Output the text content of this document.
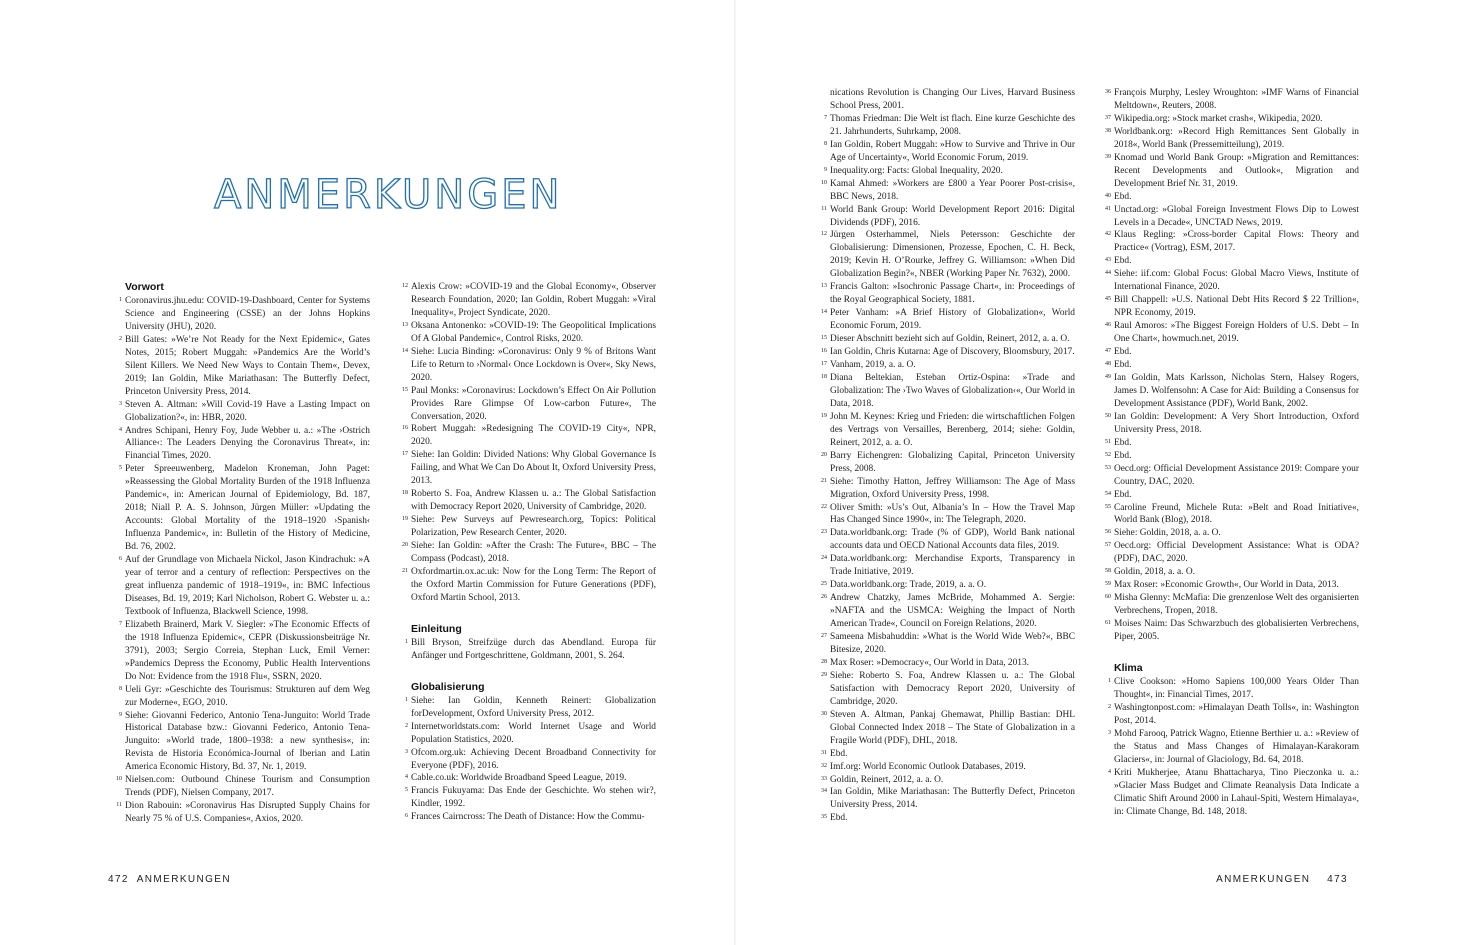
ANMERKUNGEN
Vorwort

1 Coronavirus.jhu.edu: COVID-19-Dashboard, Center for Systems Science and Engineering (CSSE) an der Johns Hopkins University (JHU), 2020.

2 Bill Gates: »We’re Not Ready for the Next Epidemic«, Gates Notes, 2015; Robert Muggah: »Pandemics Are the World’s Silent Killers. We Need New Ways to Contain Them«, Devex, 2019; Ian Goldin, Mike Mariathasan: The Butterfly Defect, Princeton University Press, 2014.

3 Steven A. Altman: »Will Covid-19 Have a Lasting Impact on Globalization?«, in: HBR, 2020.

4 Andres Schipani, Henry Foy, Jude Webber u. a.: »The ›Ostrich Alliance‹: The Leaders Denying the Coronavirus Threat«, in: Financial Times, 2020.

5 Peter Spreeuwenberg, Madelon Kroneman, John Paget: »Reassessing the Global Mortality Burden of the 1918 Influenza Pandemic«, in: American Journal of Epidemiology, Bd. 187, 2018; Niall P. A. S. Johnson, Jürgen Müller: »Updating the Accounts: Global Mortality of the 1918–1920 ›Spanish‹ Influenza Pandemic«, in: Bulletin of the History of Medicine, Bd. 76, 2002.

6 Auf der Grundlage von Michaela Nickol, Jason Kindrachuk: »A year of terror and a century of reflection: Perspectives on the great influenza pandemic of 1918–1919«, in: BMC Infectious Diseases, Bd. 19, 2019; Karl Nicholson, Robert G. Webster u. a.: Textbook of Influenza, Blackwell Science, 1998.

7 Elizabeth Brainerd, Mark V. Siegler: »The Economic Effects of the 1918 Influenza Epidemic«, CEPR (Diskussionsbeiträge Nr. 3791), 2003; Sergio Correia, Stephan Luck, Emil Verner: »Pandemics Depress the Economy, Public Health Interventions Do Not: Evidence from the 1918 Flu«, SSRN, 2020.

8 Ueli Gyr: »Geschichte des Tourismus: Strukturen auf dem Weg zur Moderne«, EGO, 2010.

9 Siehe: Giovanni Federico, Antonio Tena-Junguito: World Trade Historical Database bzw.: Giovanni Federico, Antonio Tena-Junguito: »World trade, 1800–1938: a new synthesis«, in: Revista de Historia Económica-Journal of Iberian and Latin America Economic History, Bd. 37, Nr. 1, 2019.

10 Nielsen.com: Outbound Chinese Tourism and Consumption Trends (PDF), Nielsen Company, 2017.

11 Dion Rabouin: »Coronavirus Has Disrupted Supply Chains for Nearly 75 % of U.S. Companies«, Axios, 2020.

12 Alexis Crow: »COVID-19 and the Global Economy«, Observer Research Foundation, 2020; Ian Goldin, Robert Muggah: »Viral Inequality«, Project Syndicate, 2020.

13 Oksana Antonenko: »COVID-19: The Geopolitical Implications Of A Global Pandemic«, Control Risks, 2020.

14 Siehe: Lucia Binding: »Coronavirus: Only 9 % of Britons Want Life to Return to ›Normal‹ Once Lockdown is Over«, Sky News, 2020.

15 Paul Monks: »Coronavirus: Lockdown’s Effect On Air Pollution Provides Rare Glimpse Of Low-carbon Future«, The Conversation, 2020.

16 Robert Muggah: »Redesigning The COVID-19 City«, NPR, 2020.

17 Siehe: Ian Goldin: Divided Nations: Why Global Governance Is Failing, and What We Can Do About It, Oxford University Press, 2013.

18 Roberto S. Foa, Andrew Klassen u. a.: The Global Satisfaction with Democracy Report 2020, University of Cambridge, 2020.

19 Siehe: Pew Surveys auf Pewresearch.org, Topics: Political Polarization, Pew Research Center, 2020.

20 Siehe: Ian Goldin: »After the Crash: The Future«, BBC – The Compass (Podcast), 2018.

21 Oxfordmartin.ox.ac.uk: Now for the Long Term: The Report of the Oxford Martin Commission for Future Generations (PDF), Oxford Martin School, 2013.

Einleitung

1 Bill Bryson, Streifzüge durch das Abendland. Europa für Anfänger und Fortgeschrittene, Goldmann, 2001, S. 264.

Globalisierung

1 Siehe: Ian Goldin, Kenneth Reinert: Globalization forDevelopment, Oxford University Press, 2012.

2 Internetworldstats.com: World Internet Usage and World Population Statistics, 2020.

3 Ofcom.org.uk: Achieving Decent Broadband Connectivity for Everyone (PDF), 2016.

4 Cable.co.uk: Worldwide Broadband Speed League, 2019.

5 Francis Fukuyama: Das Ende der Geschichte. Wo stehen wir?, Kindler, 1992.

6 Frances Cairncross: The Death of Distance: How the Commu-

nications Revolution is Changing Our Lives, Harvard Business School Press, 2001.

7 Thomas Friedman: Die Welt ist flach. Eine kurze Geschichte des 21. Jahrhunderts, Suhrkamp, 2008.

8 Ian Goldin, Robert Muggah: »How to Survive and Thrive in Our Age of Uncertainty«, World Economic Forum, 2019.

9 Inequality.org: Facts: Global Inequality, 2020.

10 Kamal Ahmed: »Workers are £800 a Year Poorer Post-crisis«, BBC News, 2018.

11 World Bank Group: World Development Report 2016: Digital Dividends (PDF), 2016.

12 Jürgen Osterhammel, Niels Petersson: Geschichte der Globalisierung: Dimensionen, Prozesse, Epochen, C. H. Beck, 2019; Kevin H. O’Rourke, Jeffrey G. Williamson: »When Did Globalization Begin?«, NBER (Working Paper Nr. 7632), 2000.

13 Francis Galton: »Isochronic Passage Chart«, in: Proceedings of the Royal Geographical Society, 1881.

14 Peter Vanham: »A Brief History of Globalization«, World Economic Forum, 2019.

15 Dieser Abschnitt bezieht sich auf Goldin, Reinert, 2012, a. a. O.

16 Ian Goldin, Chris Kutarna: Age of Discovery, Bloomsbury, 2017.

17 Vanham, 2019, a. a. O.

18 Diana Beltekian, Esteban Ortiz-Ospina: »Trade and Globalization: The ›Two Waves of Globalization‹«, Our World in Data, 2018.

19 John M. Keynes: Krieg und Frieden: die wirtschaftlichen Folgen des Vertrags von Versailles, Berenberg, 2014; siehe: Goldin, Reinert, 2012, a. a. O.

20 Barry Eichengren: Globalizing Capital, Princeton University Press, 2008.

21 Siehe: Timothy Hatton, Jeffrey Williamson: The Age of Mass Migration, Oxford University Press, 1998.

22 Oliver Smith: »Us’s Out, Albania’s In – How the Travel Map Has Changed Since 1990«, in: The Telegraph, 2020.

23 Data.worldbank.org: Trade (% of GDP), World Bank national accounts data und OECD National Accounts data files, 2019.

24 Data.worldbank.org: Merchandise Exports, Transparency in Trade Initiative, 2019.

25 Data.worldbank.org: Trade, 2019, a. a. O.

26 Andrew Chatzky, James McBride, Mohammed A. Sergie: »NAFTA and the USMCA: Weighing the Impact of North American Trade«, Council on Foreign Relations, 2020.

27 Sameena Misbahuddin: »What is the World Wide Web?«, BBC Bitesize, 2020.

28 Max Roser: »Democracy«, Our World in Data, 2013.

29 Siehe: Roberto S. Foa, Andrew Klassen u. a.: The Global Satisfaction with Democracy Report 2020, University of Cambridge, 2020.

30 Steven A. Altman, Pankaj Ghemawat, Phillip Bastian: DHL Global Connected Index 2018 – The State of Globalization in a Fragile World (PDF), DHL, 2018.

31 Ebd.

32 Imf.org: World Economic Outlook Databases, 2019.

33 Goldin, Reinert, 2012, a. a. O.

34 Ian Goldin, Mike Mariathasan: The Butterfly Defect, Princeton University Press, 2014.

35 Ebd.

36 François Murphy, Lesley Wroughton: »IMF Warns of Financial Meltdown«, Reuters, 2008.

37 Wikipedia.org: »Stock market crash«, Wikipedia, 2020.

38 Worldbank.org: »Record High Remittances Sent Globally in 2018«, World Bank (Pressemitteilung), 2019.

39 Knomad und World Bank Group: »Migration and Remittances: Recent Developments and Outlook«, Migration and Development Brief Nr. 31, 2019.

40 Ebd.

41 Unctad.org: »Global Foreign Investment Flows Dip to Lowest Levels in a Decade«, UNCTAD News, 2019.

42 Klaus Regling: »Cross-border Capital Flows: Theory and Practice« (Vortrag), ESM, 2017.

43 Ebd.

44 Siehe: iif.com: Global Focus: Global Macro Views, Institute of International Finance, 2020.

45 Bill Chappell: »U.S. National Debt Hits Record $ 22 Trillion«, NPR Economy, 2019.

46 Raul Amoros: »The Biggest Foreign Holders of U.S. Debt – In One Chart«, howmuch.net, 2019.

47 Ebd.

48 Ebd.

49 Ian Goldin, Mats Karlsson, Nicholas Stern, Halsey Rogers, James D. Wolfensohn: A Case for Aid: Building a Consensus for Development Assistance (PDF), World Bank, 2002.

50 Ian Goldin: Development: A Very Short Introduction, Oxford University Press, 2018.

51 Ebd.

52 Ebd.

53 Oecd.org: Official Development Assistance 2019: Compare your Country, DAC, 2020.

54 Ebd.

55 Caroline Freund, Michele Ruta: »Belt and Road Initiative«, World Bank (Blog), 2018.

56 Siehe: Goldin, 2018, a. a. O.

57 Oecd.org: Official Development Assistance: What is ODA? (PDF), DAC, 2020.

58 Goldin, 2018, a. a. O.

59 Max Roser: »Economic Growth«, Our World in Data, 2013.

60 Misha Glenny: McMafia: Die grenzenlose Welt des organisierten Verbrechens, Tropen, 2018.

61 Moises Naim: Das Schwarzbuch des globalisierten Verbrechens, Piper, 2005.

Klima

1 Clive Cookson: »Homo Sapiens 100,000 Years Older Than Thought«, in: Financial Times, 2017.

2 Washingtonpost.com: »Himalayan Death Tolls«, in: Washington Post, 2014.

3 Mohd Farooq, Patrick Wagno, Etienne Berthier u. a.: »Review of the Status and Mass Changes of Himalayan-Karakoram Glaciers«, in: Journal of Glaciology, Bd. 64, 2018.

4 Kriti Mukherjee, Atanu Bhattacharya, Tino Pieczonka u. a.: »Glacier Mass Budget and Climate Reanalysis Data Indicate a Climatic Shift Around 2000 in Lahaul-Spiti, Western Himalaya«, in: Climate Change, Bd. 148, 2018.

472 ANMERKUNGEN	ANMERKUNGEN 473
